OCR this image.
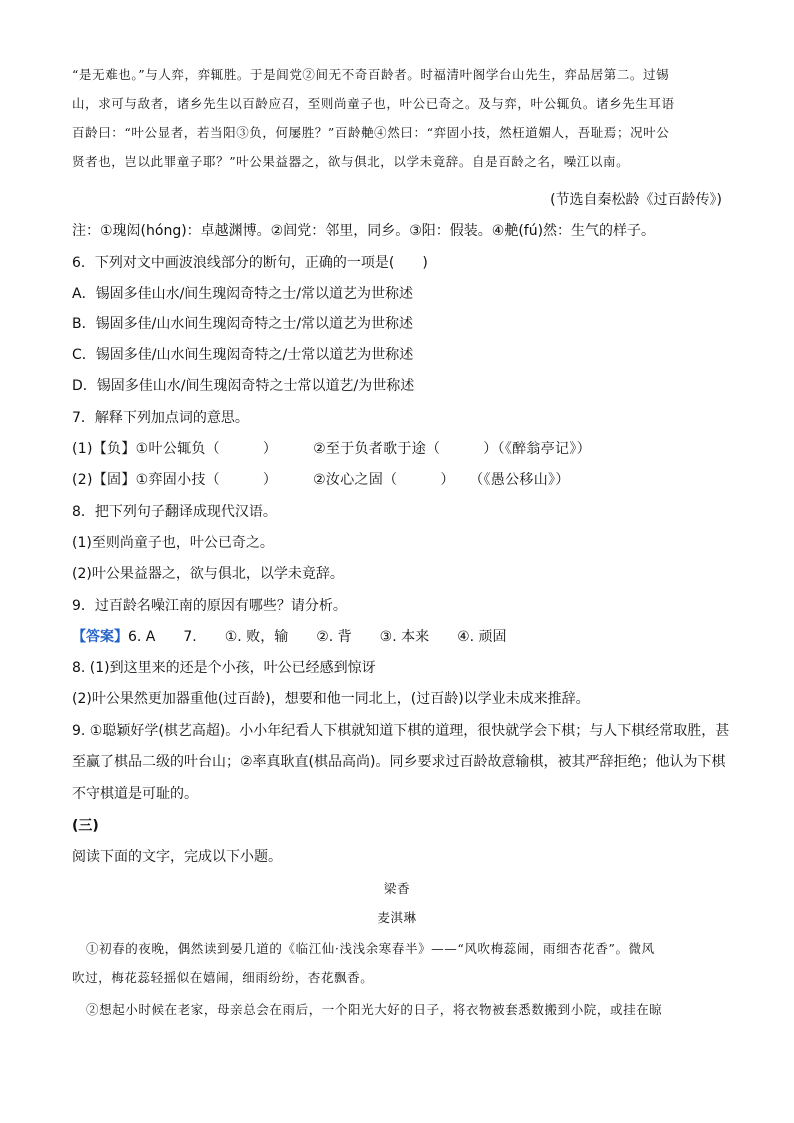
“是无难也。”与人弈，弈辄胜。于是闾党②间无不奇百龄者。时福清叶阁学台山先生，弈品居第二。过锡
山，求可与敌者，诸乡先生以百龄应召，至则尚童子也，叶公已奇之。及与弈，叶公辄负。诸乡先生耳语
百龄曰：“叶公显者，若当阳③负，何屡胜？”百龄艴④然曰：“弈固小技，然枉道媚人，吾耻焉；况叶公
贤者也，岂以此罪童子耶？”叶公果益器之，欲与俱北，以学未竟辞。自是百龄之名，噪江以南。
(节选自秦松龄《过百龄传》)
注：①瑰闳(hóng)：卓越渊博。②闾党：邻里，同乡。③阳：假装。④艴(fú)然：生气的样子。
6．下列对文中画波浪线部分的断句，正确的一项是(　　)
A．锡固多佳山水/间生瑰闳奇特之士/常以道艺为世称述
B．锡固多佳/山水间生瑰闳奇特之士/常以道艺为世称述
C．锡固多佳/山水间生瑰闳奇特之/士常以道艺为世称述
D．锡固多佳山水/间生瑰闳奇特之士常以道艺/为世称述
7．解释下列加点词的意思。
(1)【负】①叶公辄负（　　　）　　　②至于负者歌于途（　　　）（《醉翁亭记》）
(2)【固】①弈固小技（　　　）　　　②汝心之固（　　　）　　（《愚公移山》）
8．把下列句子翻译成现代汉语。
(1)至则尚童子也，叶公已奇之。
(2)叶公果益器之，欲与俱北，以学未竟辞。
9．过百龄名噪江南的原因有哪些？请分析。
【答案】6. A　　7.　　①. 败，输　　②. 背　　③. 本来　　④. 顽固
8. (1)到这里来的还是个小孩，叶公已经感到惊讶
(2)叶公果然更加器重他(过百龄)，想要和他一同北上，(过百龄)以学业未成来推辞。
9. ①聪颖好学(棋艺高超)。小小年纪看人下棋就知道下棋的道理，很快就学会下棋；与人下棋经常取胜，甚
至赢了棋品二级的叶台山；②率真耿直(棋品高尚)。同乡要求过百龄故意输棋，被其严辞拒绝；他认为下棋
不守棋道是可耻的。
(三)
阅读下面的文字，完成以下小题。
梁香
麦淇琳
①初春的夜晚，偶然读到晏几道的《临江仙·浅浅余寒春半》——“风吹梅蕊闹，雨细杏花香”。微风
吹过，梅花蕊轻摇似在嬉闹，细雨纷纷，杏花飘香。
②想起小时候在老家，母亲总会在雨后，一个阳光大好的日子，将衣物被套悉数搬到小院，或挂在晾
